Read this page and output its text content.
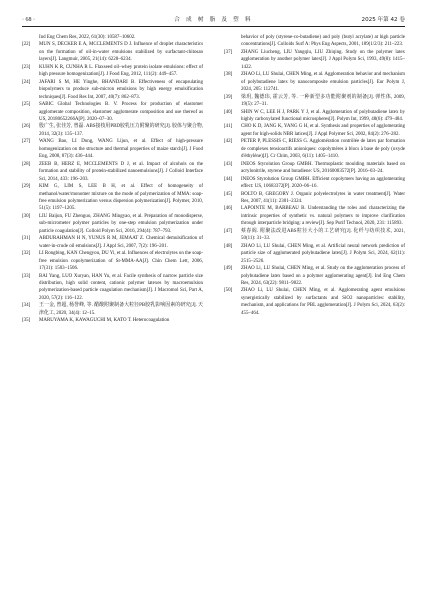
· 68 ·	合 成 树 脂 及 塑 料	2025 年第 42 卷
Ind Eng Chem Res, 2022, 61(30): 10587–10602.
[22] MUN S, DECKER E A, MCCLEMENTS D J. Influence of droplet characteristics on the formation of oil-in-water emulsions stabilized by surfactant-chitosan layers[J]. Langmuir, 2005, 21(14): 6228–6234.
[23] KUHN K R, CUNHA R L. Flaxseed oil–whey protein isolate emulsions: effect of high pressure homogenization[J]. J Food Eng, 2012, 111(2): 449–457.
[24] JAFARI S M, HE Yinghe, BHANDARI B. Effectiveness of encapsulating biopolymers to produce sub-micron emulsions by high energy emulsification techniques[J]. Food Res Int, 2007, 40(7): 862–873.
[25] SABIC Global Technologies B. V. Process for production of elastomer agglomerate composition, elastomer agglomerate composition and use thereof as US, 20180652266A[P]. 2020–07–30.
[26] 殷广生, 张佳芳, 曾磊. ABS接枝用PBD胶乳压力附聚的研究[J]. 胶体与聚合物, 2014, 32(3): 135–137.
[27] WANG Bao, LI Dong, WANG Lijun, et al. Effect of high-pressure homogenization on the structure and thermal properties of maize starch[J]. J Food Eng, 2008, 87(3): 436–444.
[28] ZEEB B, HERZ E, MCCLEMENTS D J, et al. Impact of alcohols on the formation and stability of protein-stabilized nanoemulsions[J]. J Colloid Interface Sci, 2014, 433: 196–203.
[29] KIM G, LIM S, LEE B H, et al. Effect of homogeneity of methanol/water/monomer mixture on the mode of polymerization of MMA: soap-free emulsion polymerization versus dispersion polymerization[J]. Polymer, 2010, 51(5): 1197–1205.
[30] LIU Baijun, FU Zhenguo, ZHANG Mingyao, et al. Preparation of monodisperse, sub-micrometer polymer particles by one-step emulsion polymerization under particle coagulation[J]. Colloid Polym Sci, 2016, 294(4): 787–793.
[31] ABDURAHMAN H N, YUNUS R M, JEMAAT Z. Chemical demulsification of water-in-crude oil emulsions[J]. J Appl Sci, 2007, 7(2): 196–201.
[32] LI Rongbing, KAN Chengyou, DU Yi, et al. Influences of electrolytes on the soap-free emulsion copolymerization of St-MMA-AA[J]. Chin Chem Lett, 2006, 17(31): 1503–1506.
[33] BAI Yang, LUO Xuryan, HAN Yu, et al. Facile synthesis of narrow particle size distribution, high solid content, cationic polymer latexes by macroemulsion polymerization-based particle coagulation mechanism[J]. J Macromol Sci, Part A, 2020, 57(2): 116–122.
[34] 王一金, 曾超, 杨誉峰, 等. 醋酸附聚制备大粒径PB胶乳影响因素的研究[J]. 天津化工, 2020, 34(4): 12–15.
[35] MARUYAMA K, KAWAGUCHI M, KATO T. Heterocoagulation
behavior of poly (styrene-co-butadiene) and poly (butyl acrylate) at high particle concentrations[J]. Colloids Surf A: Phys Eng Aspects, 2001, 189(1/2/3): 211–223.
[37] ZHANG Liucheng, LIU Yangqiu, LIU Zhiqing. Study on the polymer latex agglomeration by another polymer latex[J]. J Appl Polym Sci, 1993, 49(8): 1415–1422.
[38] ZHAO Li, LU Shulai, CHEN Ming, et al. Agglomeration behavior and mechanism of polybutadiene latex by nanocomposite emulsion particles[J]. Eur Polym J, 2024, 205: 112741.
[39] 梁玥, 魏德玮, 霍云芳, 等. 一种新型多功能附聚剂的制备[J]. 弹性体, 2009, 19(5): 27–31.
[40] SHIN W C, LEE H J, PARK Y J, et al. Agglomeration of polybutadiene latex by highly carboxylated functional microspheres[J]. Polym Int, 1999, 48(6): 479–484.
[41] CHO K D, JANG K, YANG G H, et al. Synthesis and properties of agglomerating agent for high-solids NBR latices[J]. J Appl Polymer Sci, 2002, 84(2): 276–282.
[42] PETER P, PLESSIS C, RIESS G. Agglomération contrôlée de latex par formation de complexes tensioactifs anioniques: copolymères à blocs à base de poly (oxyde d'éthylène)[J]. Cr Chim, 2003, 6(11): 1405–1410.
[43] INEOS Styrolution Group GMBH. Thermoplastic moulding materials based on acrylonitrile, styrene and butadiene: US, 20160083572[P]. 2016–03–24.
[44] INEOS Styrolution Group GMBH. Efficient copolymers having an agglomerating effect: US, 10683372[P]. 2020–06–16.
[45] BOLTO B, GREGORY J. Organic polyelectrolytes in water treatment[J]. Water Res, 2007, 41(11): 2301–2324.
[46] LAPOINTE M, BARBEAU B. Understanding the roles and characterizing the intrinsic properties of synthetic vs. natural polymers to improve clarification through interparticle bridging: a review[J]. Sep Purif Technol, 2020, 231: 115893.
[47] 蔡春阁. 附聚法改进ABS粒径大小的工艺研究[J]. 化纤与纺织技术, 2021, 50(11): 31–33.
[48] ZHAO Li, LU Shulai, CHEN Ming, et al. Artificial neural network prediction of particle size of agglomerated polybutadiene latex[J]. J Polym Sci, 2024, 62(11): 2515–2526.
[49] ZHAO Li, LU Shulai, CHEN Ming, et al. Study on the agglomeration process of polybutadiene latex based on a polymer agglomerating agent[J]. Ind Eng Chem Res, 2024, 63(22): 9811–9822.
[50] ZHAO Li, LU Shulai, CHEN Ming, et al. Agglomerating agent emulsions synergistically stabilized by surfactants and SiO2 nanoparticles: stability, mechanism, and applications for PBL agglomeration[J]. J Polym Sci, 2024, 63(2): 455–464.
